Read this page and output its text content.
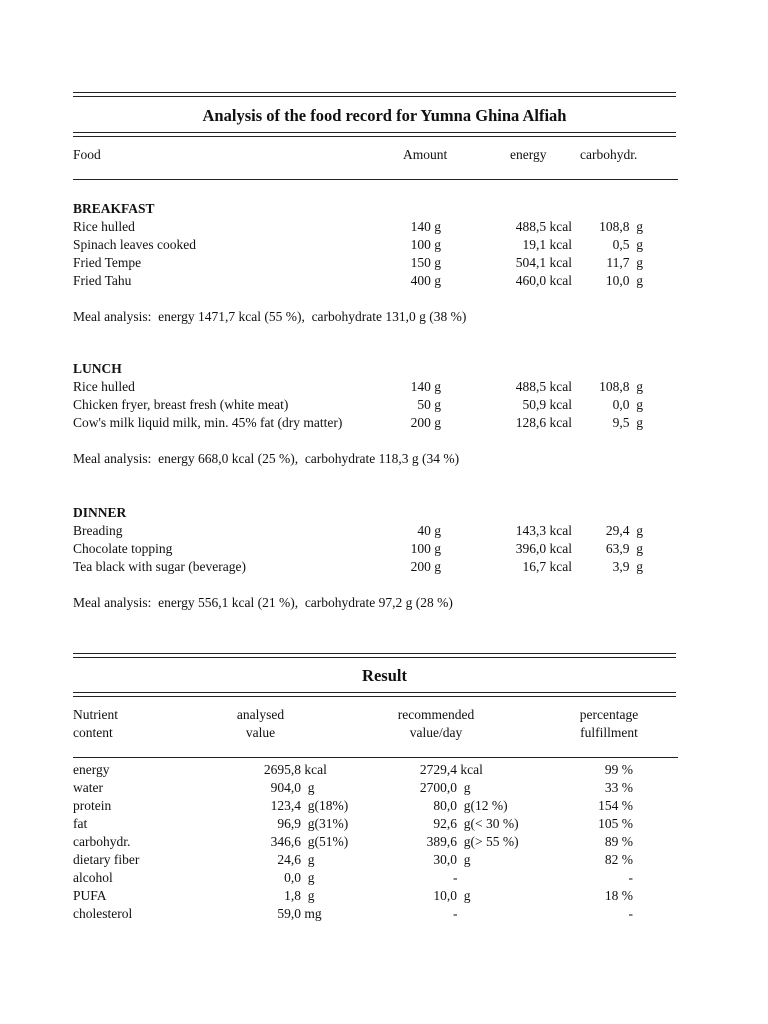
Analysis of the food record for Yumna Ghina Alfiah
Food	Amount	energy carbohydr.
BREAKFAST
Rice hulled	140 g	488,5 kcal	108,8  g
Spinach leaves cooked	100 g	19,1 kcal	0,5  g
Fried Tempe	150 g	504,1 kcal	11,7  g
Fried Tahu	400 g	460,0 kcal	10,0  g
Meal analysis:  energy 1471,7 kcal (55 %),  carbohydrate 131,0 g (38 %)
LUNCH
Rice hulled	140 g	488,5 kcal	108,8  g
Chicken fryer, breast fresh (white meat)	50 g	50,9 kcal	0,0  g
Cow's milk liquid milk, min. 45% fat (dry matter)	200 g	128,6 kcal	9,5  g
Meal analysis:  energy 668,0 kcal (25 %),  carbohydrate 118,3 g (34 %)
DINNER
Breading	40 g	143,3 kcal	29,4  g
Chocolate topping	100 g	396,0 kcal	63,9  g
Tea black with sugar (beverage)	200 g	16,7 kcal	3,9  g
Meal analysis:  energy 556,1 kcal (21 %),  carbohydrate 97,2 g (28 %)
Result
Nutrient	analysed	recommended	percentage
content	value	value/day	fulfillment
energy	2695,8 kcal	2729,4 kcal	99 %
water	904,0  g	2700,0  g	33 %
protein	123,4  g(18%)	80,0  g(12 %)	154 %
fat	96,9  g(31%)	92,6  g(< 30 %)	105 %
carbohydr.	346,6  g(51%)	389,6  g(> 55 %)	89 %
dietary fiber	24,6  g	30,0  g	82 %
alcohol	0,0  g	-	-
PUFA	1,8  g	10,0  g	18 %
cholesterol	59,0 mg	-	-
